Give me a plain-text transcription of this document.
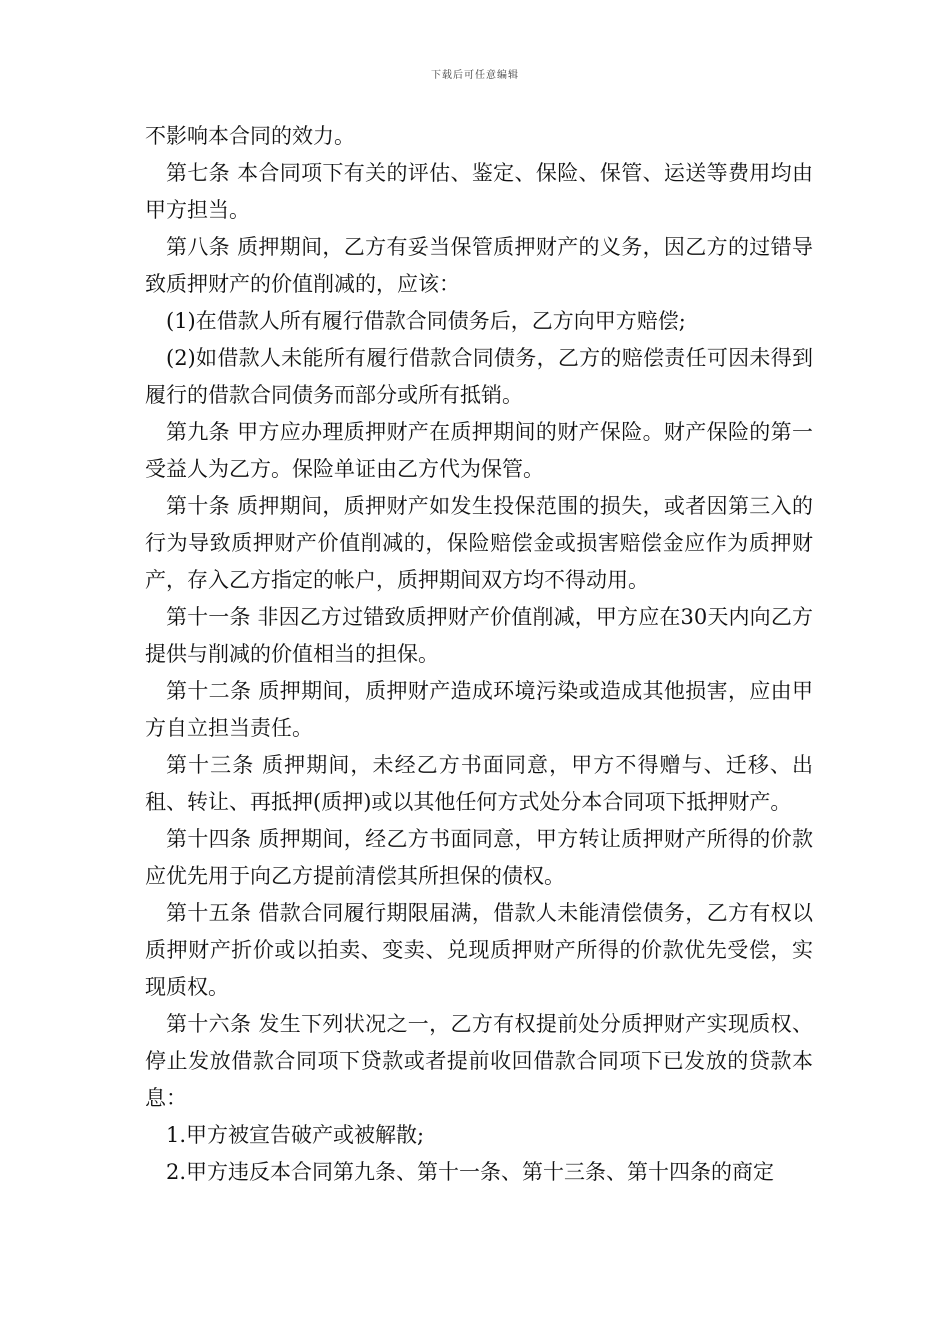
下载后可任意编辑

不影响本合同的效力。

第七条 本合同项下有关的评估、鉴定、保险、保管、运送等费用均由甲方担当。

第八条 质押期间，乙方有妥当保管质押财产的义务，因乙方的过错导致质押财产的价值削减的，应该：

(1)在借款人所有履行借款合同债务后，乙方向甲方赔偿;

(2)如借款人未能所有履行借款合同债务，乙方的赔偿责任可因未得到履行的借款合同债务而部分或所有抵销。

第九条 甲方应办理质押财产在质押期间的财产保险。财产保险的第一受益人为乙方。保险单证由乙方代为保管。

第十条 质押期间，质押财产如发生投保范围的损失，或者因第三入的行为导致质押财产价值削减的，保险赔偿金或损害赔偿金应作为质押财产，存入乙方指定的帐户，质押期间双方均不得动用。

第十一条 非因乙方过错致质押财产价值削减，甲方应在30天内向乙方提供与削减的价值相当的担保。

第十二条 质押期间，质押财产造成环境污染或造成其他损害，应由甲方自立担当责任。

第十三条 质押期间，未经乙方书面同意，甲方不得赠与、迁移、出租、转让、再抵押(质押)或以其他任何方式处分本合同项下抵押财产。

第十四条 质押期间，经乙方书面同意，甲方转让质押财产所得的价款应优先用于向乙方提前清偿其所担保的债权。

第十五条 借款合同履行期限届满，借款人未能清偿债务，乙方有权以质押财产折价或以拍卖、变卖、兑现质押财产所得的价款优先受偿，实现质权。

第十六条 发生下列状况之一，乙方有权提前处分质押财产实现质权、停止发放借款合同项下贷款或者提前收回借款合同项下已发放的贷款本息：

1.甲方被宣告破产或被解散;

2.甲方违反本合同第九条、第十一条、第十三条、第十四条的商定
